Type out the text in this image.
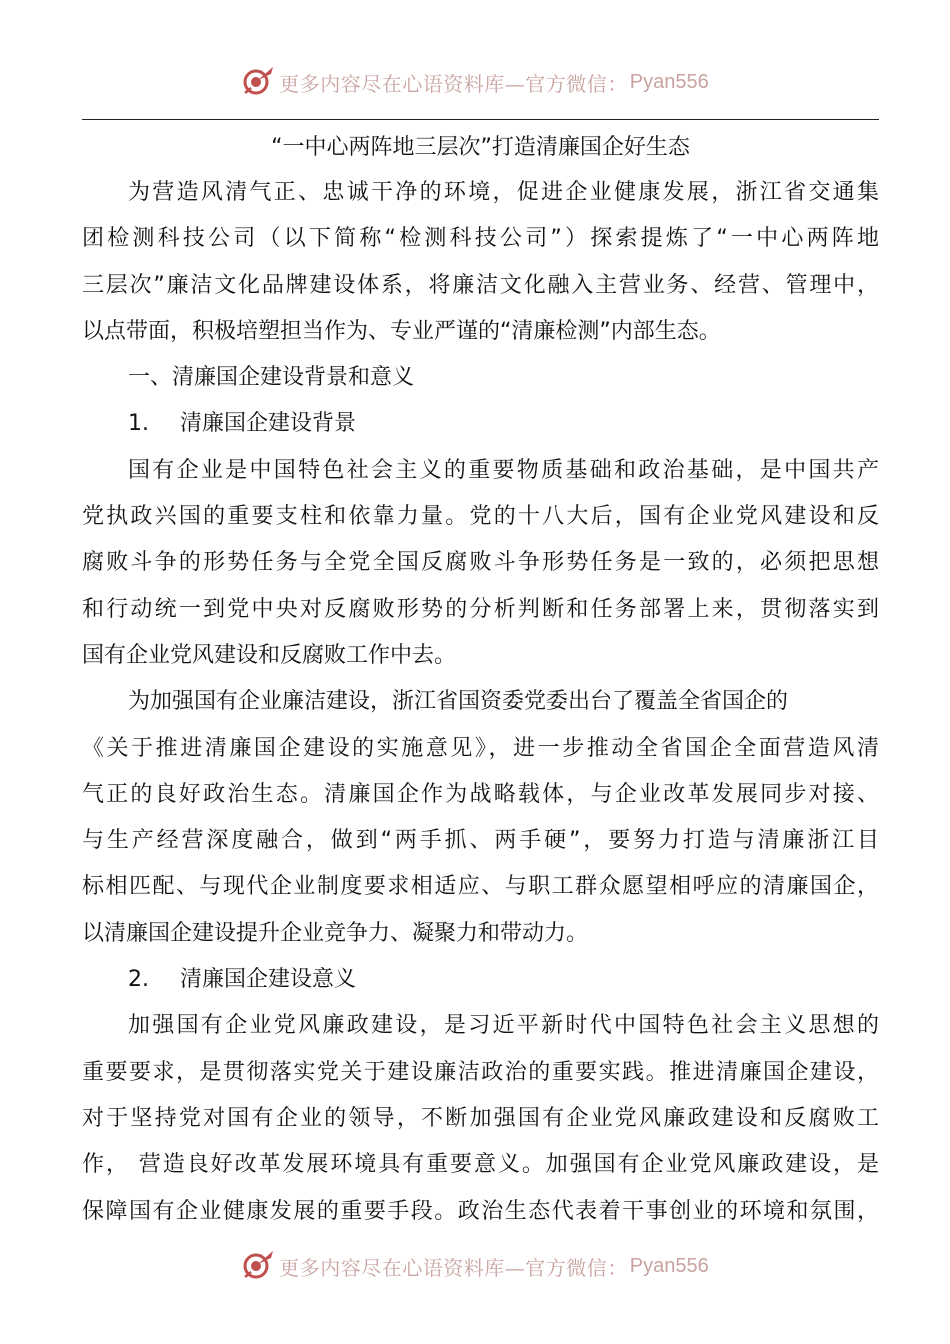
更多内容尽在心语资料库—官方微信： Pyan556
“一中心两阵地三层次”打造清廉国企好生态
为营造风清气正、忠诚干净的环境，促进企业健康发展，浙江省交通集
团检测科技公司（以下简称“检测科技公司”）探索提炼了“一中心两阵地
三层次”廉洁文化品牌建设体系，将廉洁文化融入主营业务、经营、管理中，
以点带面，积极培塑担当作为、专业严谨的“清廉检测”内部生态。
一、清廉国企建设背景和意义
1. 清廉国企建设背景
国有企业是中国特色社会主义的重要物质基础和政治基础，是中国共产
党执政兴国的重要支柱和依靠力量。党的十八大后，国有企业党风建设和反
腐败斗争的形势任务与全党全国反腐败斗争形势任务是一致的，必须把思想
和行动统一到党中央对反腐败形势的分析判断和任务部署上来，贯彻落实到
国有企业党风建设和反腐败工作中去。
为加强国有企业廉洁建设，浙江省国资委党委出台了覆盖全省国企的
《关于推进清廉国企建设的实施意见》，进一步推动全省国企全面营造风清
气正的良好政治生态。清廉国企作为战略载体，与企业改革发展同步对接、
与生产经营深度融合，做到“两手抓、两手硬”，要努力打造与清廉浙江目
标相匹配、与现代企业制度要求相适应、与职工群众愿望相呼应的清廉国企，
以清廉国企建设提升企业竞争力、凝聚力和带动力。
2. 清廉国企建设意义
加强国有企业党风廉政建设，是习近平新时代中国特色社会主义思想的
重要要求，是贯彻落实党关于建设廉洁政治的重要实践。推进清廉国企建设，
对于坚持党对国有企业的领导，不断加强国有企业党风廉政建设和反腐败工
作， 营造良好改革发展环境具有重要意义。加强国有企业党风廉政建设，是
保障国有企业健康发展的重要手段。政治生态代表着干事创业的环境和氛围，
更多内容尽在心语资料库—官方微信： Pyan556
